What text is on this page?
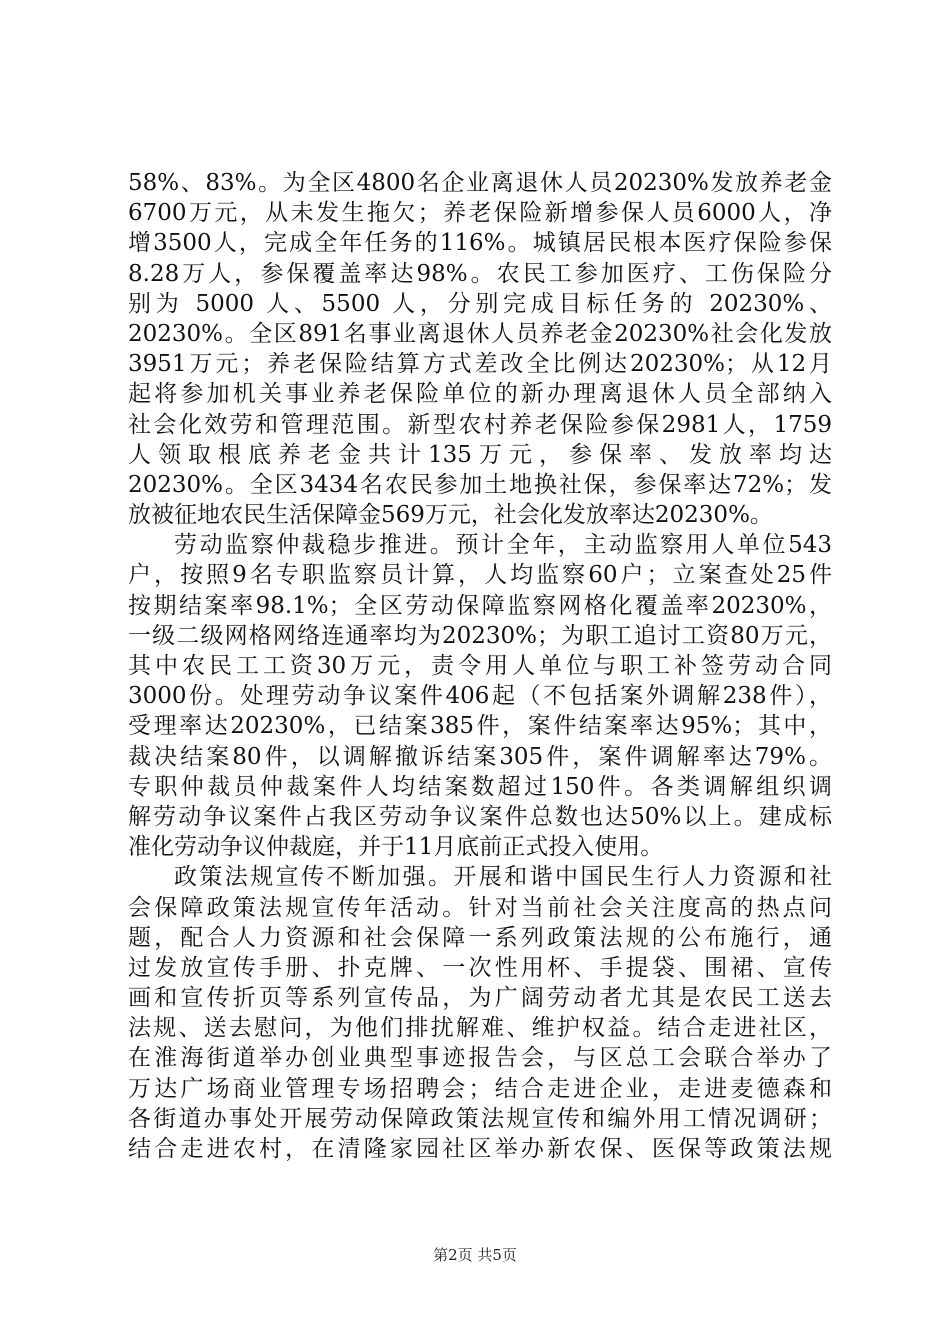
58%、83%。为全区4800名企业离退休人员20230%发放养老金
6700万元，从未发生拖欠；养老保险新增参保人员6000人，净
增3500人，完成全年任务的116%。城镇居民根本医疗保险参保
8.28万人，参保覆盖率达98%。农民工参加医疗、工伤保险分
别为 5000 人、5500 人，分别完成目标任务的 20230%、
20230%。全区891名事业离退休人员养老金20230%社会化发放
3951万元；养老保险结算方式差改全比例达20230%；从12月
起将参加机关事业养老保险单位的新办理离退休人员全部纳入
社会化效劳和管理范围。新型农村养老保险参保2981人，1759
人领取根底养老金共计135万元，参保率、发放率均达
20230%。全区3434名农民参加土地换社保，参保率达72%；发
放被征地农民生活保障金569万元，社会化发放率达20230%。
劳动监察仲裁稳步推进。预计全年，主动监察用人单位543
户，按照9名专职监察员计算，人均监察60户；立案查处25件
按期结案率98.1%；全区劳动保障监察网格化覆盖率20230%，
一级二级网格网络连通率均为20230%；为职工追讨工资80万元，
其中农民工工资30万元，责令用人单位与职工补签劳动合同
3000份。处理劳动争议案件406起（不包括案外调解238件），
受理率达20230%，已结案385件，案件结案率达95%；其中，
裁决结案80件，以调解撤诉结案305件，案件调解率达79%。
专职仲裁员仲裁案件人均结案数超过150件。各类调解组织调
解劳动争议案件占我区劳动争议案件总数也达50%以上。建成标
准化劳动争议仲裁庭，并于11月底前正式投入使用。
政策法规宣传不断加强。开展和谐中国民生行人力资源和社
会保障政策法规宣传年活动。针对当前社会关注度高的热点问
题，配合人力资源和社会保障一系列政策法规的公布施行，通
过发放宣传手册、扑克牌、一次性用杯、手提袋、围裙、宣传
画和宣传折页等系列宣传品，为广阔劳动者尤其是农民工送去
法规、送去慰问，为他们排扰解难、维护权益。结合走进社区，
在淮海街道举办创业典型事迹报告会，与区总工会联合举办了
万达广场商业管理专场招聘会；结合走进企业，走进麦德森和
各街道办事处开展劳动保障政策法规宣传和编外用工情况调研；
结合走进农村，在清隆家园社区举办新农保、医保等政策法规
第2页 共5页
